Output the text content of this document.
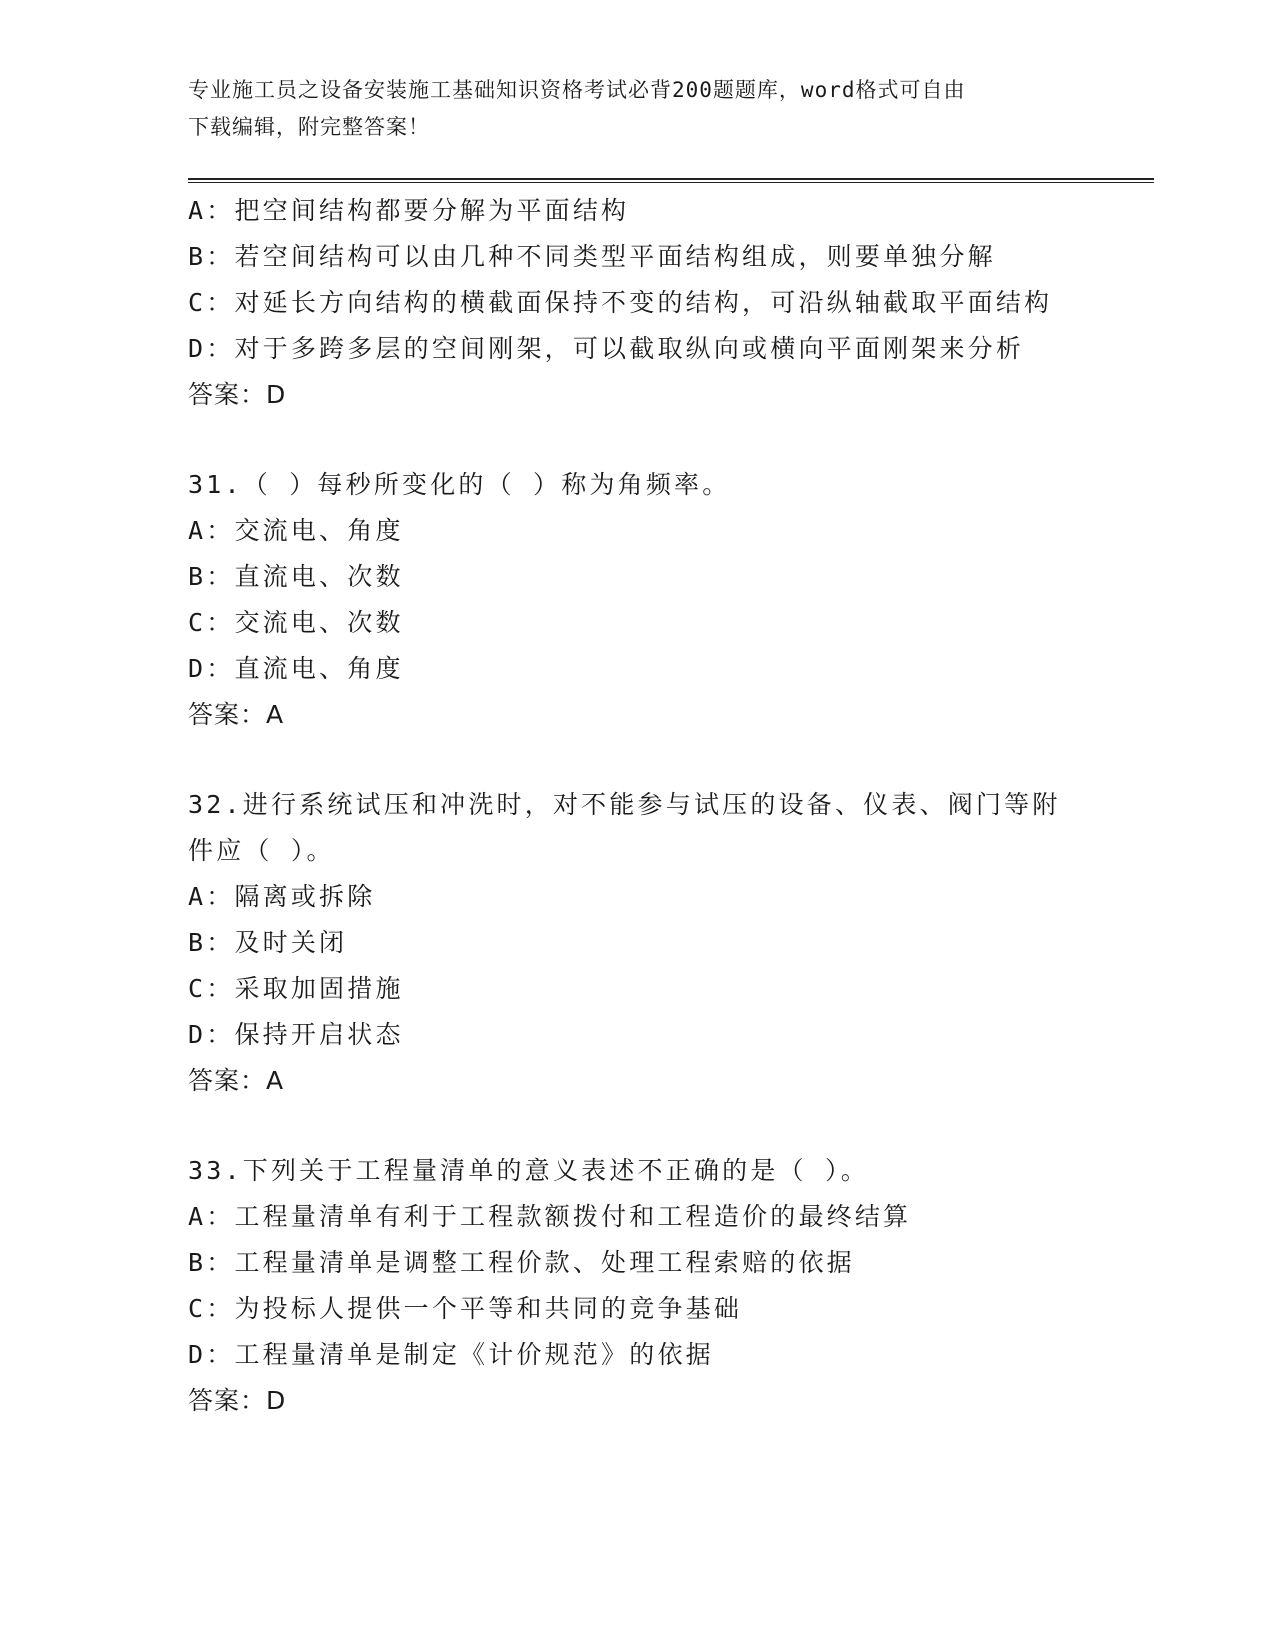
专业施工员之设备安装施工基础知识资格考试必背200题题库，word格式可自由
下载编辑，附完整答案！
A：把空间结构都要分解为平面结构
B：若空间结构可以由几种不同类型平面结构组成，则要单独分解
C：对延长方向结构的横截面保持不变的结构，可沿纵轴截取平面结构
D：对于多跨多层的空间刚架，可以截取纵向或横向平面刚架来分析
答案：D
31.（ ）每秒所变化的（ ）称为角频率。
A：交流电、角度
B：直流电、次数
C：交流电、次数
D：直流电、角度
答案：A
32.进行系统试压和冲洗时，对不能参与试压的设备、仪表、阀门等附
件应（ ）。
A：隔离或拆除
B：及时关闭
C：采取加固措施
D：保持开启状态
答案：A
33.下列关于工程量清单的意义表述不正确的是（ ）。
A：工程量清单有利于工程款额拨付和工程造价的最终结算
B：工程量清单是调整工程价款、处理工程索赔的依据
C：为投标人提供一个平等和共同的竞争基础
D：工程量清单是制定《计价规范》的依据
答案：D
